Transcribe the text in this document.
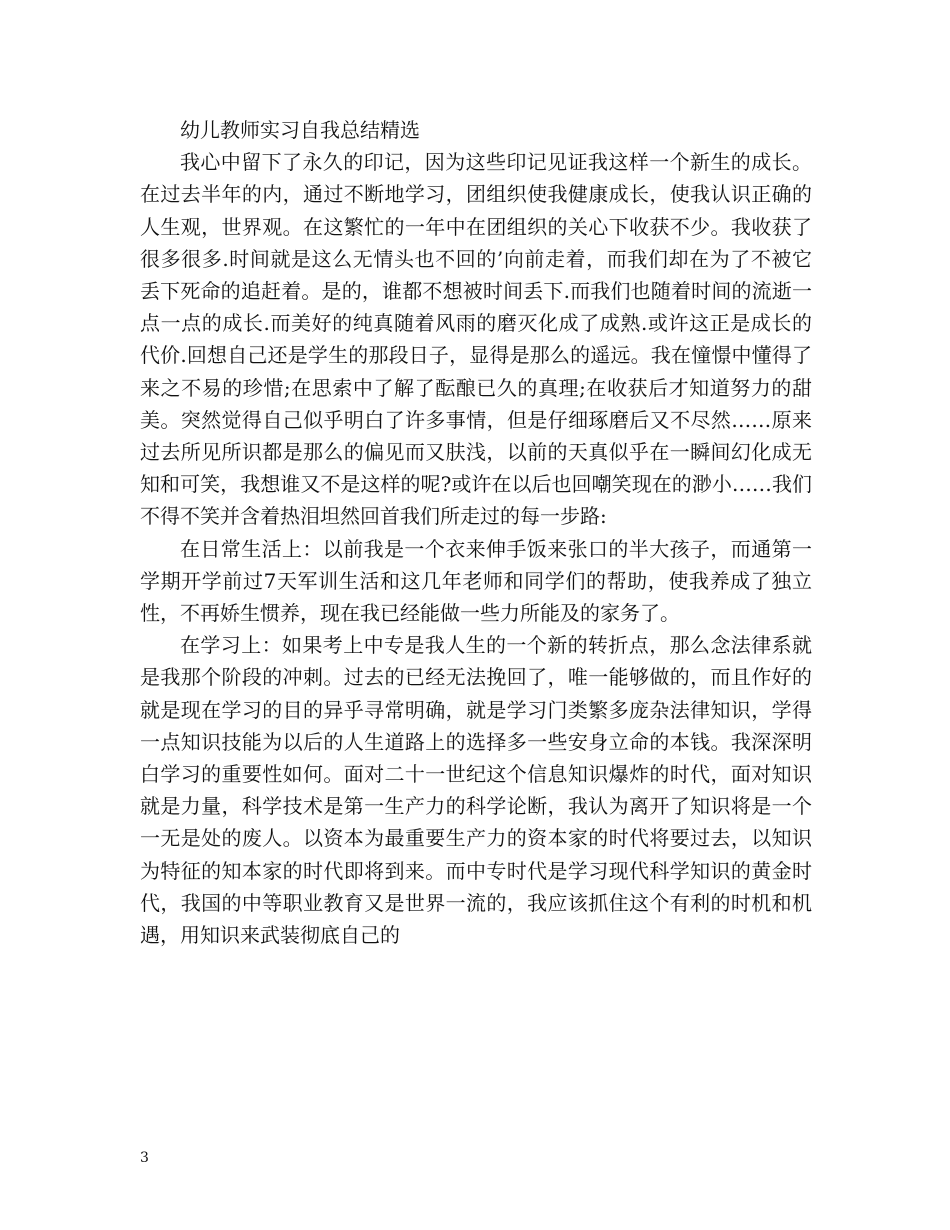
幼儿教师实习自我总结精选

我心中留下了永久的印记，因为这些印记见证我这样一个新生的成长。在过去半年的内，通过不断地学习，团组织使我健康成长，使我认识正确的人生观，世界观。在这繁忙的一年中在团组织的关心下收获不少。我收获了很多很多.时间就是这么无情头也不回的’向前走着，而我们却在为了不被它丢下死命的追赶着。是的，谁都不想被时间丢下.而我们也随着时间的流逝一点一点的成长.而美好的纯真随着风雨的磨灭化成了成熟.或许这正是成长的代价.回想自己还是学生的那段日子，显得是那么的遥远。我在憧憬中懂得了来之不易的珍惜;在思索中了解了酝酿已久的真理;在收获后才知道努力的甜美。突然觉得自己似乎明白了许多事情，但是仔细琢磨后又不尽然……原来过去所见所识都是那么的偏见而又肤浅，以前的天真似乎在一瞬间幻化成无知和可笑，我想谁又不是这样的呢?或许在以后也回嘲笑现在的渺小……我们不得不笑并含着热泪坦然回首我们所走过的每一步路:

在日常生活上：以前我是一个衣来伸手饭来张口的半大孩子，而通第一学期开学前过7天军训生活和这几年老师和同学们的帮助，使我养成了独立性，不再娇生惯养，现在我已经能做一些力所能及的家务了。

在学习上：如果考上中专是我人生的一个新的转折点，那么念法律系就是我那个阶段的冲刺。过去的已经无法挽回了，唯一能够做的，而且作好的就是现在学习的目的异乎寻常明确，就是学习门类繁多庞杂法律知识，学得一点知识技能为以后的人生道路上的选择多一些安身立命的本钱。我深深明白学习的重要性如何。面对二十一世纪这个信息知识爆炸的时代，面对知识就是力量，科学技术是第一生产力的科学论断，我认为离开了知识将是一个一无是处的废人。以资本为最重要生产力的资本家的时代将要过去，以知识为特征的知本家的时代即将到来。而中专时代是学习现代科学知识的黄金时代，我国的中等职业教育又是世界一流的，我应该抓住这个有利的时机和机遇，用知识来武装彻底自己的

3
